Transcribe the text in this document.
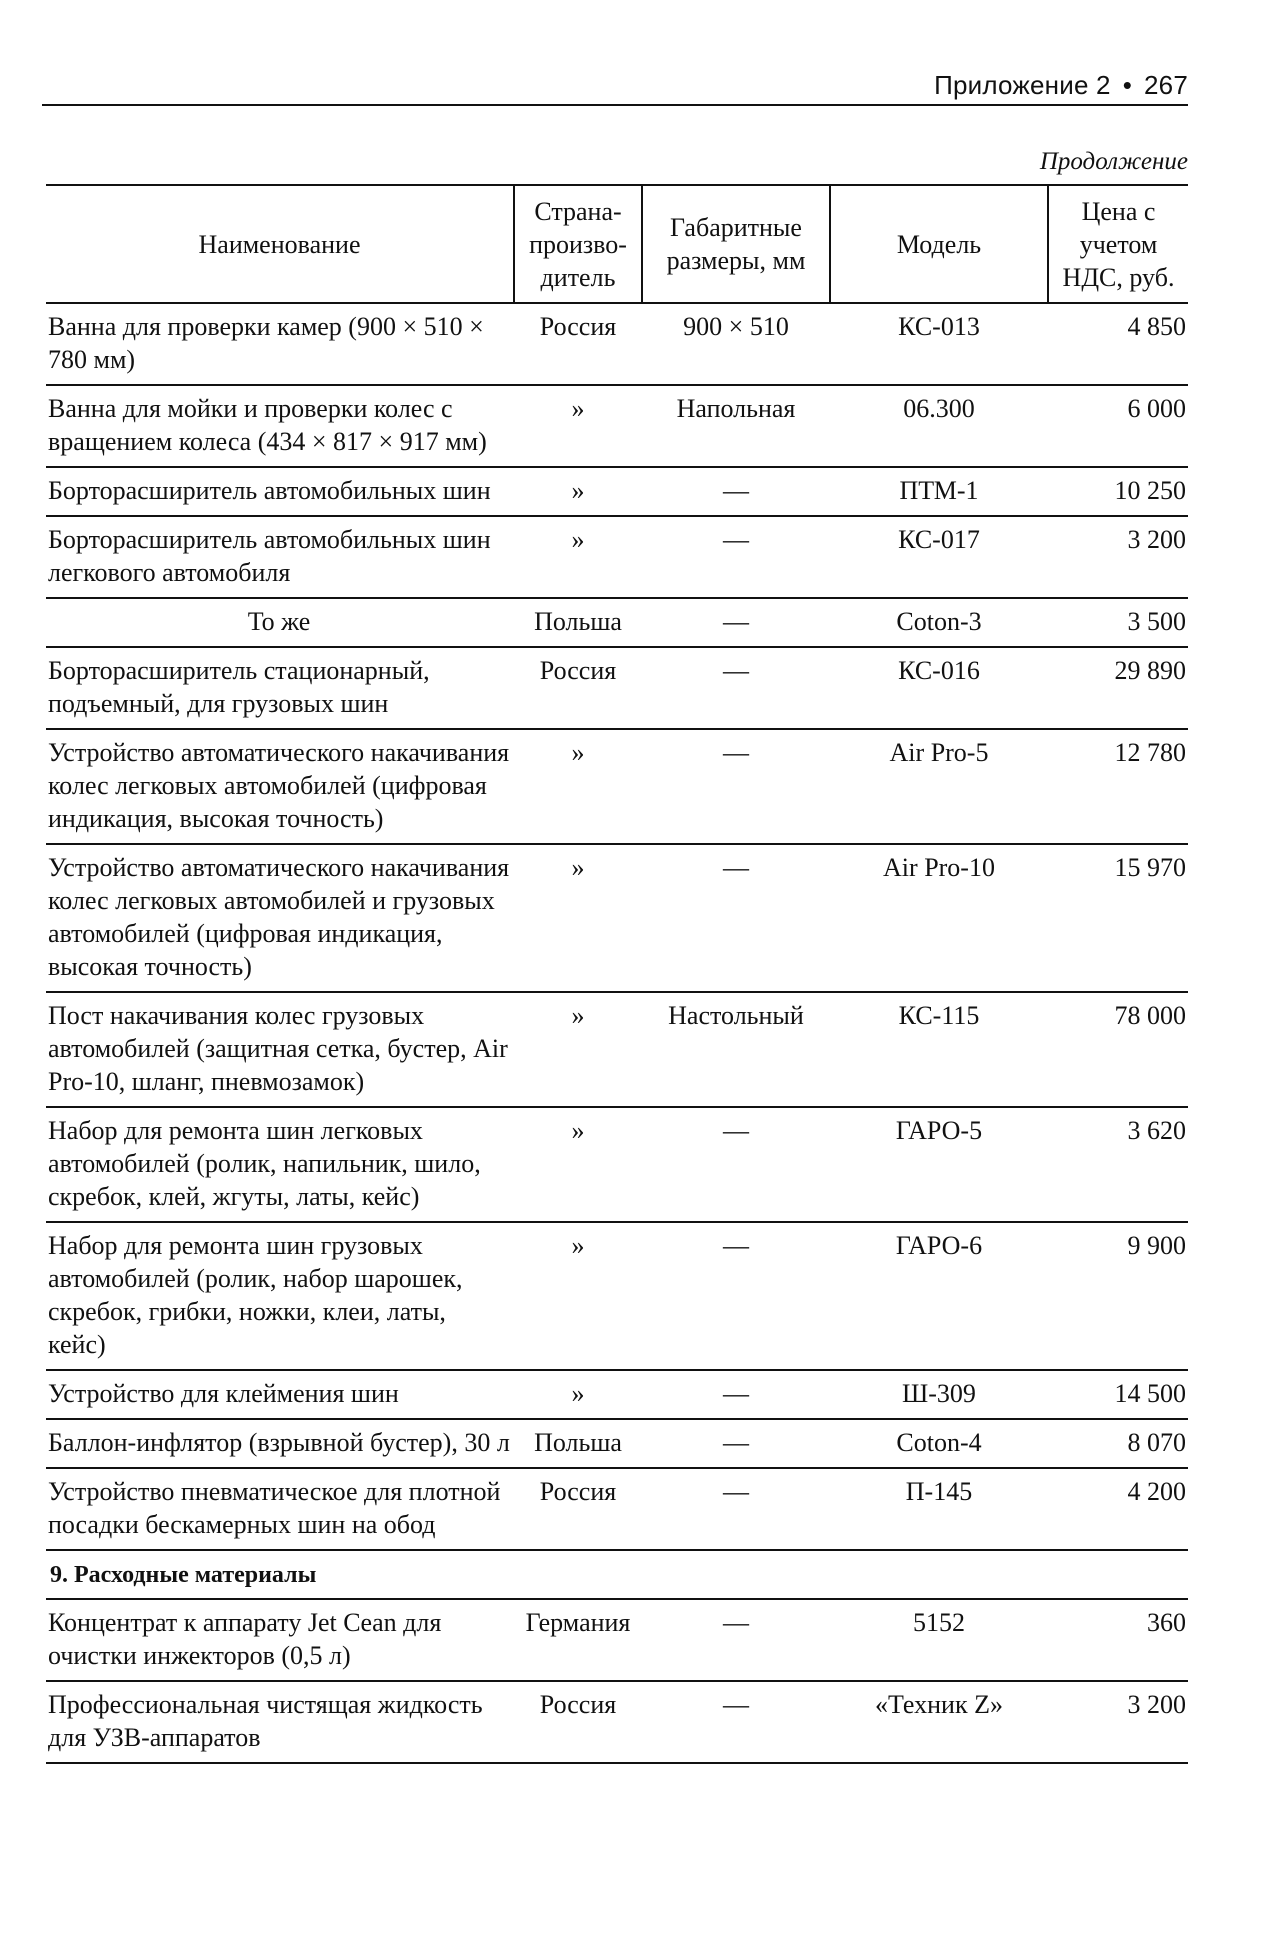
Приложение 2 • 267
Продолжение
Наименование	Страна-произво-дитель	Габаритные размеры, мм	Модель	Цена с учетом НДС, руб.
Ванна для проверки камер (900 × 510 × 780 мм)	Россия	900 × 510	КС-013	4 850
Ванна для мойки и проверки колес с вращением колеса (434 × 817 × 917 мм)	»	Напольная	06.300	6 000
Борторасширитель автомобильных шин	»	—	ПТМ-1	10 250
Борторасширитель автомобильных шин легкового автомобиля	»	—	КС-017	3 200
То же	Польша	—	Coton-3	3 500
Борторасширитель стационарный, подъемный, для грузовых шин	Россия	—	КС-016	29 890
Устройство автоматического накачивания колес легковых автомобилей (цифровая индикация, высокая точность)	»	—	Air Pro-5	12 780
Устройство автоматического накачивания колес легковых автомобилей и грузовых автомобилей (цифровая индикация, высокая точность)	»	—	Air Pro-10	15 970
Пост накачивания колес грузовых автомобилей (защитная сетка, бустер, Air Pro-10, шланг, пневмозамок)	»	Настольный	КС-115	78 000
Набор для ремонта шин легковых автомобилей (ролик, напильник, шило, скребок, клей, жгуты, латы, кейс)	»	—	ГАРО-5	3 620
Набор для ремонта шин грузовых автомобилей (ролик, набор шарошек, скребок, грибки, ножки, клеи, латы, кейс)	»	—	ГАРО-6	9 900
Устройство для клеймения шин	»	—	Ш-309	14 500
Баллон-инфлятор (взрывной бустер), 30 л	Польша	—	Coton-4	8 070
Устройство пневматическое для плотной посадки бескамерных шин на обод	Россия	—	П-145	4 200
9. Расходные материалы				
Концентрат к аппарату Jet Cean для очистки инжекторов (0,5 л)	Германия	—	5152	360
Профессиональная чистящая жидкость для УЗВ-аппаратов	Россия	—	«Техник Z»	3 200
